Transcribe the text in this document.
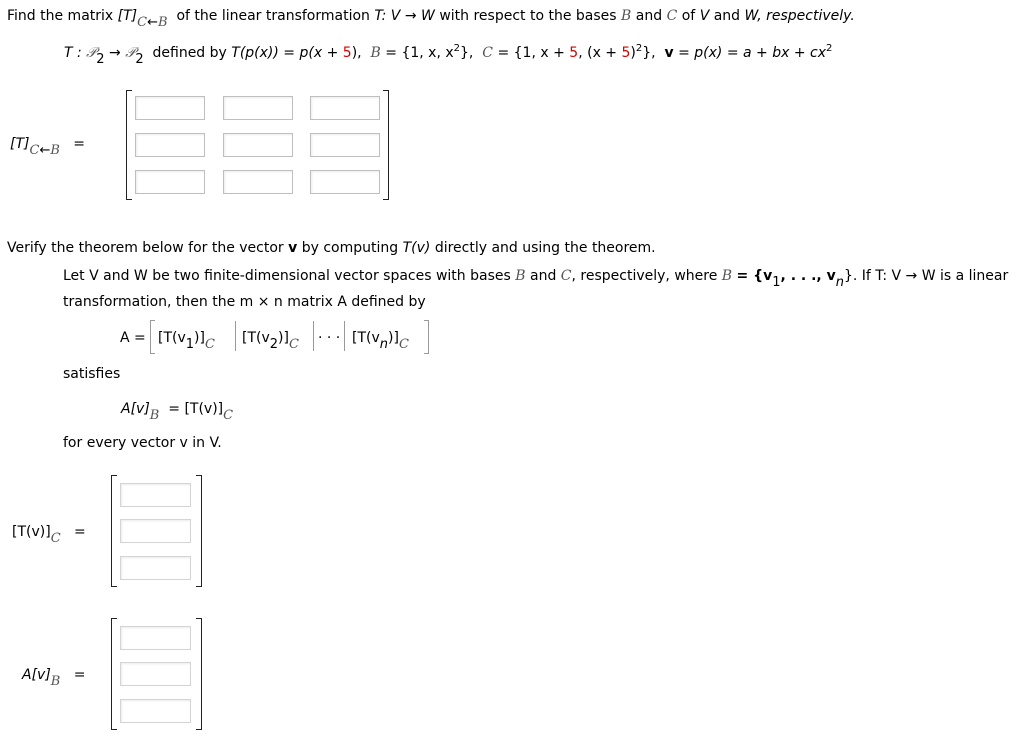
Find the matrix [T]C←B of the linear transformation T: V → W with respect to the bases B and C of V and W, respectively.
T : 𝒫2 → 𝒫2 defined by T(p(x)) = p(x + 5), B = {1, x, $x^2$}, C = {1, x + 5, $(x + 5)^2$}, v = p(x) = a + bx + $cx^2$
[T]C←B =
Verify the theorem below for the vector v by computing T(v) directly and using the theorem.
Let V and W be two finite-dimensional vector spaces with bases B and C, respectively, where B = {v1, . . ., vn}. If T: V → W is a linear
transformation, then the m × n matrix A defined by
A = [T(v1)]C [T(v2)]C · · · [T(vn)]C
satisfies
A[v]B = [T(v)]C
for every vector v in V.
[T(v)]C =
A[v]B =
